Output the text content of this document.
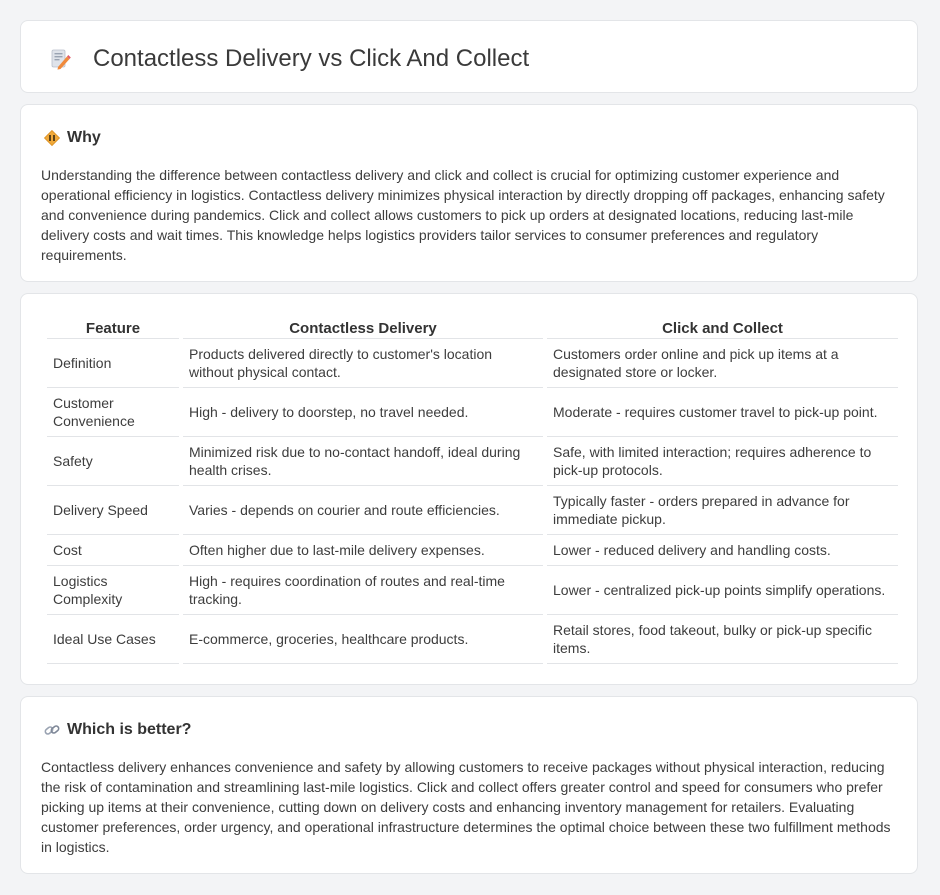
Contactless Delivery vs Click And Collect
Why

Understanding the difference between contactless delivery and click and collect is crucial for optimizing customer experience and operational efficiency in logistics. Contactless delivery minimizes physical interaction by directly dropping off packages, enhancing safety and convenience during pandemics. Click and collect allows customers to pick up orders at designated locations, reducing last-mile delivery costs and wait times. This knowledge helps logistics providers tailor services to consumer preferences and regulatory requirements.

Feature	Contactless Delivery	Click and Collect
Definition	Products delivered directly to customer's location without physical contact.	Customers order online and pick up items at a designated store or locker.
Customer Convenience	High - delivery to doorstep, no travel needed.	Moderate - requires customer travel to pick-up point.
Safety	Minimized risk due to no-contact handoff, ideal during health crises.	Safe, with limited interaction; requires adherence to pick-up protocols.
Delivery Speed	Varies - depends on courier and route efficiencies.	Typically faster - orders prepared in advance for immediate pickup.
Cost	Often higher due to last-mile delivery expenses.	Lower - reduced delivery and handling costs.
Logistics Complexity	High - requires coordination of routes and real-time tracking.	Lower - centralized pick-up points simplify operations.
Ideal Use Cases	E-commerce, groceries, healthcare products.	Retail stores, food takeout, bulky or pick-up specific items.
Which is better?

Contactless delivery enhances convenience and safety by allowing customers to receive packages without physical interaction, reducing the risk of contamination and streamlining last-mile logistics. Click and collect offers greater control and speed for consumers who prefer picking up items at their convenience, cutting down on delivery costs and enhancing inventory management for retailers. Evaluating customer preferences, order urgency, and operational infrastructure determines the optimal choice between these two fulfillment methods in logistics.
